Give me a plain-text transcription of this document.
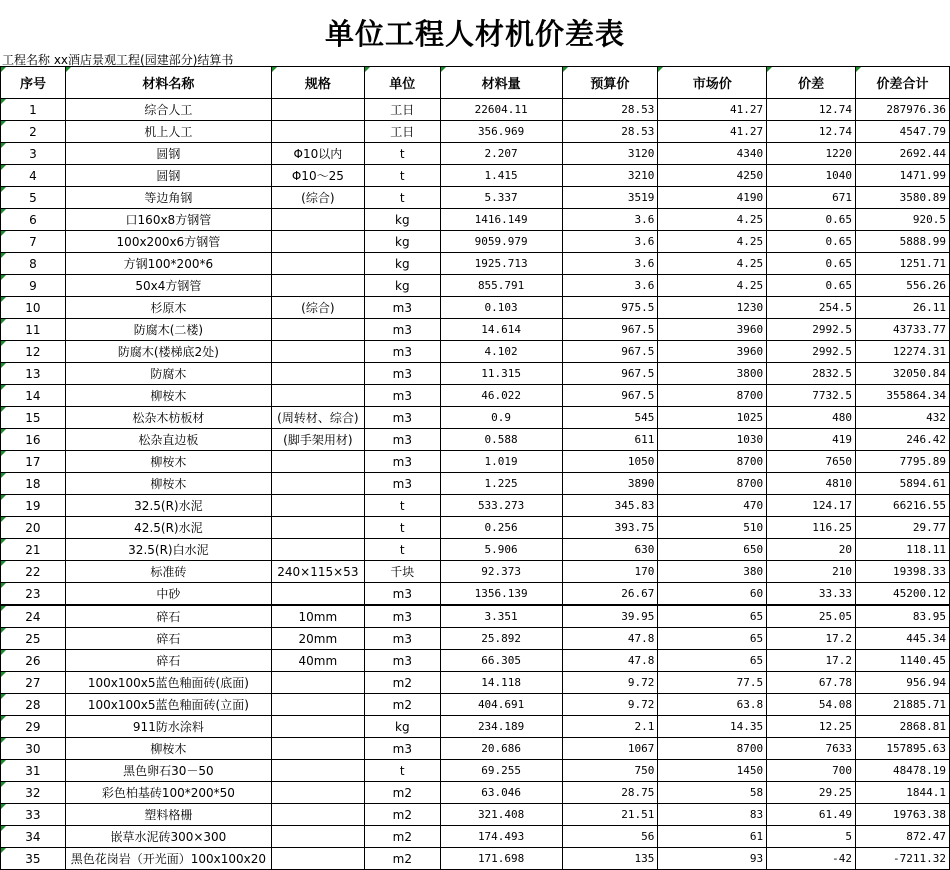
单位工程人材机价差表
工程名称 xx酒店景观工程(园建部分)结算书
序号	材料名称	规格	单位	材料量	预算价	市场价	价差	价差合计
1	综合人工		工日	22604.11	28.53	41.27	12.74	287976.36
2	机上人工		工日	356.969	28.53	41.27	12.74	4547.79
3	圆钢	Φ10以内	t	2.207	3120	4340	1220	2692.44
4	圆钢	Φ10～25	t	1.415	3210	4250	1040	1471.99
5	等边角钢	(综合)	t	5.337	3519	4190	671	3580.89
6	口160x8方钢管		kg	1416.149	3.6	4.25	0.65	920.5
7	100x200x6方钢管		kg	9059.979	3.6	4.25	0.65	5888.99
8	方钢100*200*6		kg	1925.713	3.6	4.25	0.65	1251.71
9	50x4方钢管		kg	855.791	3.6	4.25	0.65	556.26
10	杉原木	(综合)	m3	0.103	975.5	1230	254.5	26.11
11	防腐木(二楼)		m3	14.614	967.5	3960	2992.5	43733.77
12	防腐木(楼梯底2处)		m3	4.102	967.5	3960	2992.5	12274.31
13	防腐木		m3	11.315	967.5	3800	2832.5	32050.84
14	柳桉木		m3	46.022	967.5	8700	7732.5	355864.34
15	松杂木枋板材	(周转材、综合)	m3	0.9	545	1025	480	432
16	松杂直边板	(脚手架用材)	m3	0.588	611	1030	419	246.42
17	柳桉木		m3	1.019	1050	8700	7650	7795.89
18	柳桉木		m3	1.225	3890	8700	4810	5894.61
19	32.5(R)水泥		t	533.273	345.83	470	124.17	66216.55
20	42.5(R)水泥		t	0.256	393.75	510	116.25	29.77
21	32.5(R)白水泥		t	5.906	630	650	20	118.11
22	标准砖	240×115×53	千块	92.373	170	380	210	19398.33
23	中砂		m3	1356.139	26.67	60	33.33	45200.12
24	碎石	10mm	m3	3.351	39.95	65	25.05	83.95
25	碎石	20mm	m3	25.892	47.8	65	17.2	445.34
26	碎石	40mm	m3	66.305	47.8	65	17.2	1140.45
27	100x100x5蓝色釉面砖(底面)		m2	14.118	9.72	77.5	67.78	956.94
28	100x100x5蓝色釉面砖(立面)		m2	404.691	9.72	63.8	54.08	21885.71
29	911防水涂料		kg	234.189	2.1	14.35	12.25	2868.81
30	柳桉木		m3	20.686	1067	8700	7633	157895.63
31	黑色卵石30－50		t	69.255	750	1450	700	48478.19
32	彩色柏基砖100*200*50		m2	63.046	28.75	58	29.25	1844.1
33	塑料格栅		m2	321.408	21.51	83	61.49	19763.38
34	嵌草水泥砖300×300		m2	174.493	56	61	5	872.47
35	黑色花岗岩（开光面）100x100x20		m2	171.698	135	93	-42	-7211.32
